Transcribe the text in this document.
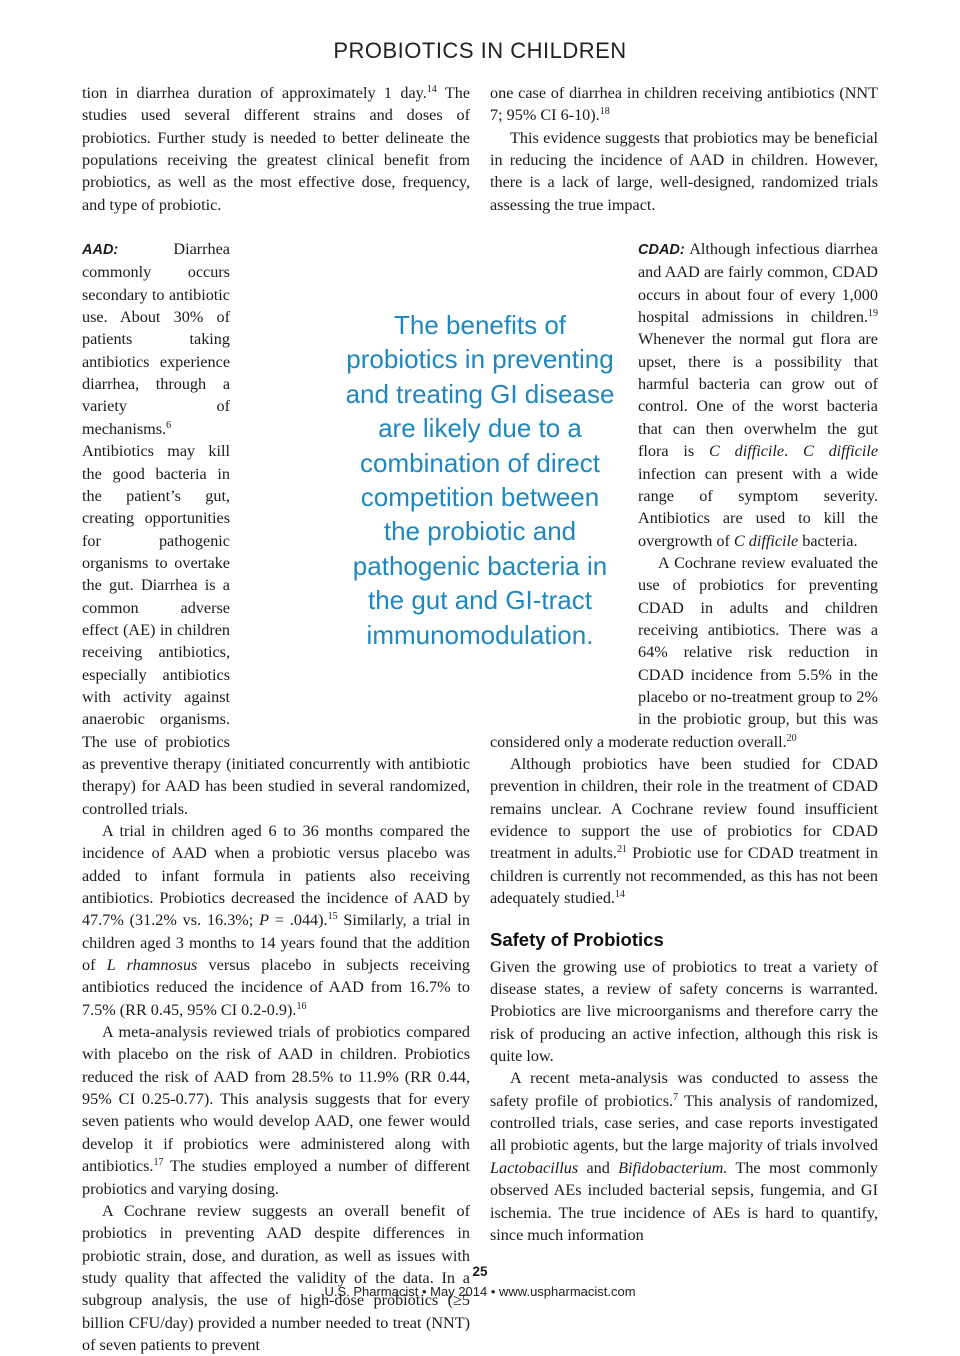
PROBIOTICS IN CHILDREN

tion in diarrhea duration of approximately 1 day.$^{14}$ The studies used several different strains and doses of probiotics. Further study is needed to better delineate the populations receiving the greatest clinical benefit from probiotics, as well as the most effective dose, frequency, and type of probiotic.

AAD: Diarrhea commonly occurs secondary to antibiotic use. About 30% of patients taking antibiotics experience diarrhea, through a variety of mechanisms.$^6$ Antibiotics may kill the good bacteria in the patient’s gut, creating opportunities for pathogenic organisms to overtake the gut. Diarrhea is a common adverse effect (AE) in children receiving antibiotics, especially antibiotics with activity against anaerobic organisms. The use of probiotics as preventive therapy (initiated concurrently with antibiotic therapy) for AAD has been studied in several randomized, controlled trials.

A trial in children aged 6 to 36 months compared the incidence of AAD when a probiotic versus placebo was added to infant formula in patients also receiving antibiotics. Probiotics decreased the incidence of AAD by 47.7% (31.2% vs. 16.3%; P = .044).$^{15}$ Similarly, a trial in children aged 3 months to 14 years found that the addition of L rhamnosus versus placebo in subjects receiving antibiotics reduced the incidence of AAD from 16.7% to 7.5% (RR 0.45, 95% CI 0.2-0.9).$^{16}$

A meta-analysis reviewed trials of probiotics compared with placebo on the risk of AAD in children. Probiotics reduced the risk of AAD from 28.5% to 11.9% (RR 0.44, 95% CI 0.25-0.77). This analysis suggests that for every seven patients who would develop AAD, one fewer would develop it if probiotics were administered along with antibiotics.$^{17}$ The studies employed a number of different probiotics and varying dosing.

A Cochrane review suggests an overall benefit of probiotics in preventing AAD despite differences in probiotic strain, dose, and duration, as well as issues with study quality that affected the validity of the data. In a subgroup analysis, the use of high-dose probiotics (≥5 billion CFU/day) provided a number needed to treat (NNT) of seven patients to prevent

one case of diarrhea in children receiving antibiotics (NNT 7; 95% CI 6-10).$^{18}$

This evidence suggests that probiotics may be beneficial in reducing the incidence of AAD in children. However, there is a lack of large, well-designed, randomized trials assessing the true impact.

CDAD: Although infectious diarrhea and AAD are fairly common, CDAD occurs in about four of every 1,000 hospital admissions in children.$^{19}$ Whenever the normal gut flora are upset, there is a possibility that harmful bacteria can grow out of control. One of the worst bacteria that can then overwhelm the gut flora is C difficile. C difficile infection can present with a wide range of symptom severity. Antibiotics are used to kill the overgrowth of C difficile bacteria.

A Cochrane review evaluated the use of probiotics for preventing CDAD in adults and children receiving antibiotics. There was a 64% relative risk reduction in CDAD incidence from 5.5% in the placebo or no-treatment group to 2% in the probiotic group, but this was considered only a moderate reduction overall.$^{20}$

Although probiotics have been studied for CDAD prevention in children, their role in the treatment of CDAD remains unclear. A Cochrane review found insufficient evidence to support the use of probiotics for CDAD treatment in adults.$^{21}$ Probiotic use for CDAD treatment in children is currently not recommended, as this has not been adequately studied.$^{14}$

Safety of Probiotics

Given the growing use of probiotics to treat a variety of disease states, a review of safety concerns is warranted. Probiotics are live microorganisms and therefore carry the risk of producing an active infection, although this risk is quite low.

A recent meta-analysis was conducted to assess the safety profile of probiotics.$^7$ This analysis of randomized, controlled trials, case series, and case reports investigated all probiotic agents, but the large majority of trials involved Lactobacillus and Bifidobacterium. The most commonly observed AEs included bacterial sepsis, fungemia, and GI ischemia. The true incidence of AEs is hard to quantify, since much information

The benefits of probiotics in preventing and treating GI disease are likely due to a combination of direct competition between the probiotic and pathogenic bacteria in the gut and GI-tract immunomodulation.
25
U.S. Pharmacist • May 2014 • www.uspharmacist.com
